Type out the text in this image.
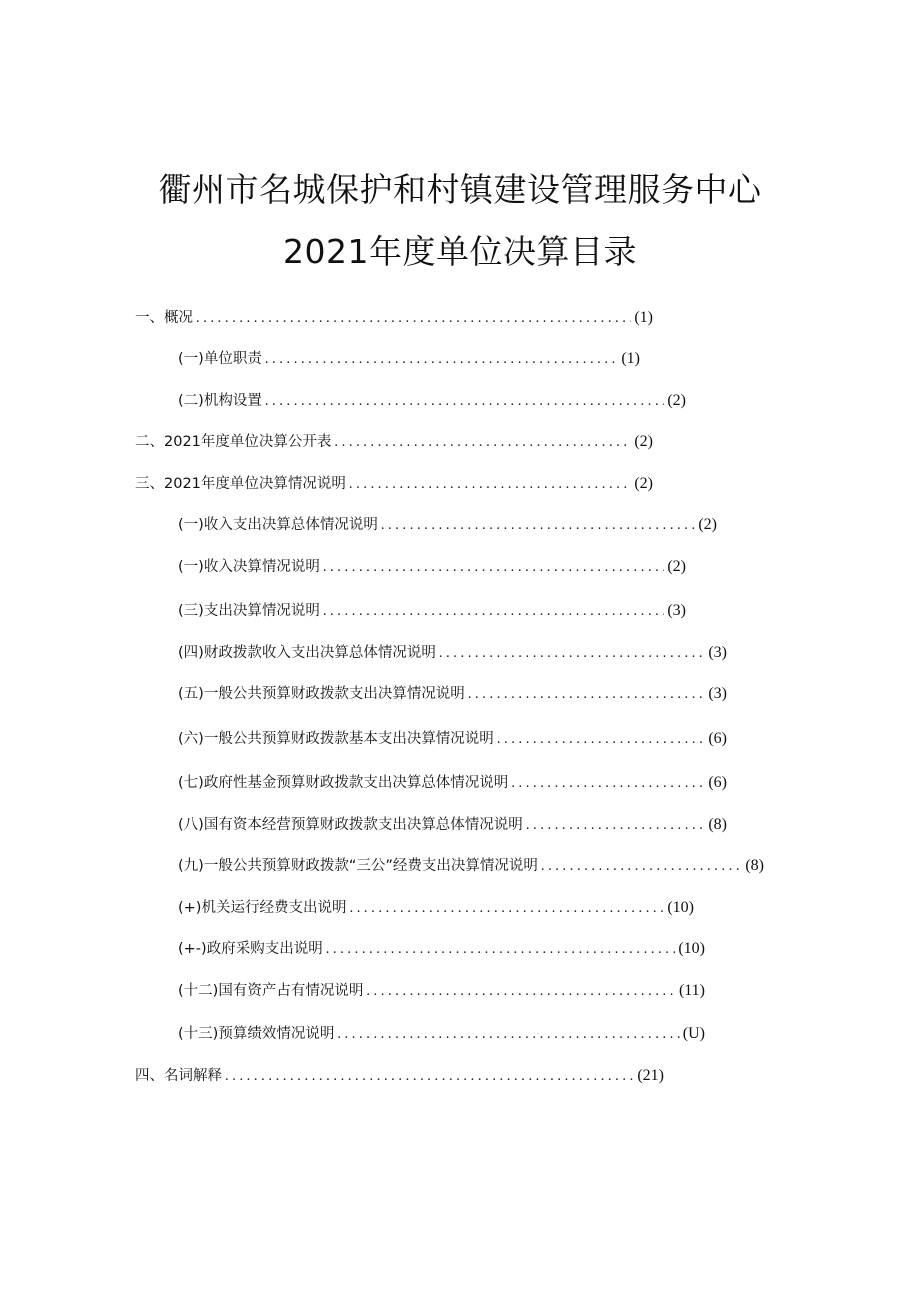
衢州市名城保护和村镇建设管理服务中心
2021年度单位决算目录
一、概况 .....	(1)
(一)单位职责 .....	(1)
(二)机构设置 .....	(2)
二、2021年度单位决算公开表 .....	(2)
三、2021年度单位决算情况说明 .....	(2)
(一)收入支出决算总体情况说明 .....	(2)
(一)收入决算情况说明 .....	(2)
(三)支出决算情况说明 .....	(3)
(四)财政拨款收入支出决算总体情况说明 .....	(3)
(五)一般公共预算财政拨款支出决算情况说明 .....	(3)
(六)一般公共预算财政拨款基本支出决算情况说明 .....	(6)
(七)政府性基金预算财政拨款支出决算总体情况说明 .....	(6)
(八)国有资本经营预算财政拨款支出决算总体情况说明 .....	(8)
(九)一般公共预算财政拨款“三公”经费支出决算情况说明 .....	(8)
(+)机关运行经费支出说明 .....	(10)
(+-)政府采购支出说明 .....	(10)
(十二)国有资产占有情况说明 .....	(11)
(十三)预算绩效情况说明 .....	(U)
四、名词解释 .....	(21)
